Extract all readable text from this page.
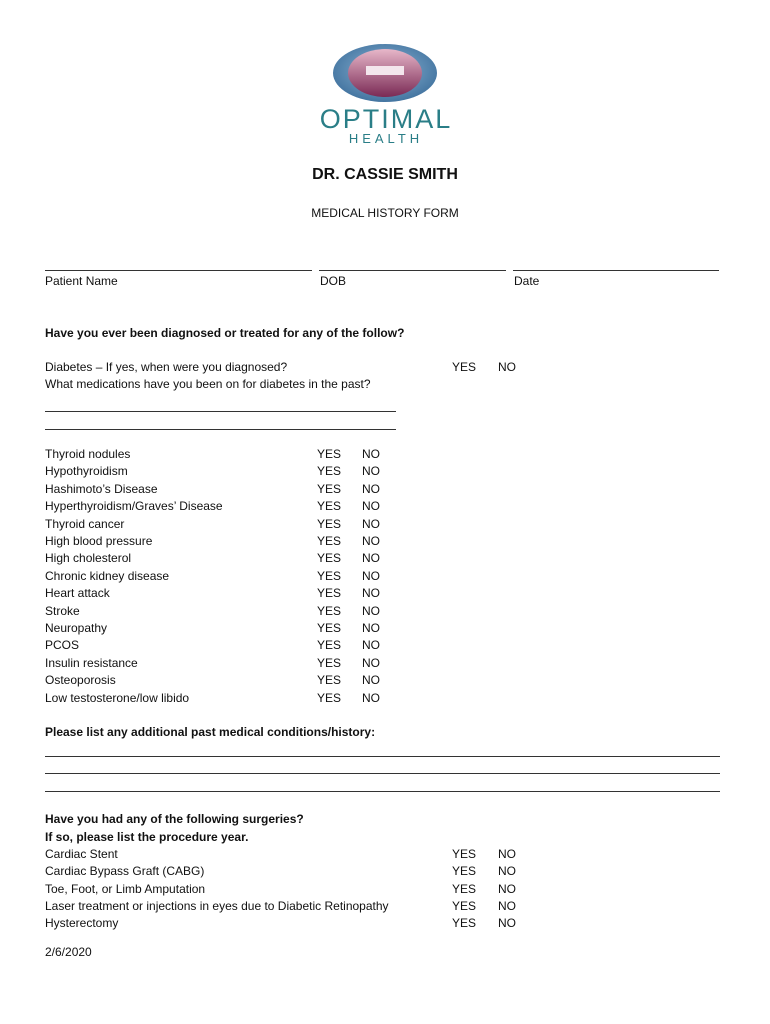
OPTIMAL
HEALTH
DR. CASSIE SMITH
MEDICAL HISTORY FORM
Patient Name	DOB	Date
Have you ever been diagnosed or treated for any of the follow?
Diabetes – If yes, when were you diagnosed?	YES NO
What medications have you been on for diabetes in the past?
Thyroid nodules	YES NO
Hypothyroidism	YES NO
Hashimoto’s Disease	YES NO
Hyperthyroidism/Graves’ Disease	YES NO
Thyroid cancer	YES NO
High blood pressure	YES NO
High cholesterol	YES NO
Chronic kidney disease	YES NO
Heart attack	YES NO
Stroke	YES NO
Neuropathy	YES NO
PCOS	YES NO
Insulin resistance	YES NO
Osteoporosis	YES NO
Low testosterone/low libido	YES NO
Please list any additional past medical conditions/history:
Have you had any of the following surgeries?
If so, please list the procedure year.
Cardiac Stent	YES NO
Cardiac Bypass Graft (CABG)	YES NO
Toe, Foot, or Limb Amputation	YES NO
Laser treatment or injections in eyes due to Diabetic Retinopathy	YES NO
Hysterectomy	YES NO
2/6/2020
